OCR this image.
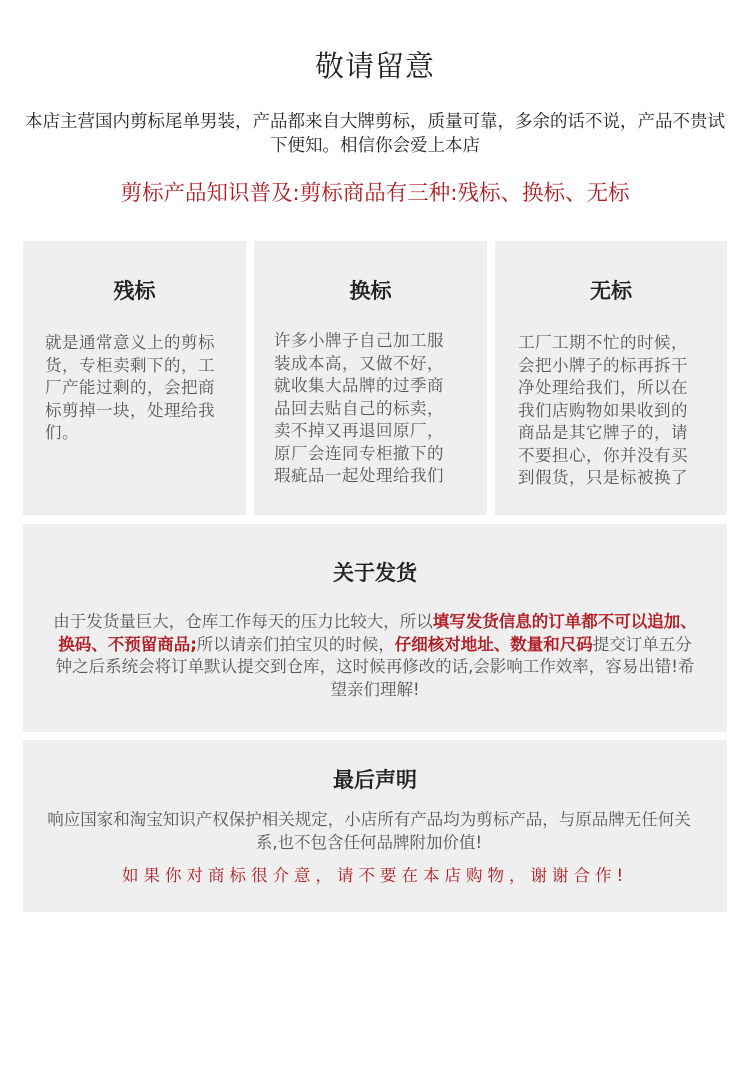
敬请留意
本店主营国内剪标尾单男装，产品都来自大牌剪标，质量可靠，多余的话不说，产品不贵试下便知。相信你会爱上本店
剪标产品知识普及:剪标商品有三种:残标、换标、无标
残标
就是通常意义上的剪标货，专柜卖剩下的，工厂产能过剩的，会把商标剪掉一块，处理给我们。
换标
许多小牌子自己加工服装成本高，又做不好，就收集大品牌的过季商品回去贴自己的标卖，卖不掉又再退回原厂，原厂会连同专柜撤下的瑕疵品一起处理给我们
无标
工厂工期不忙的时候，会把小牌子的标再拆干净处理给我们，所以在我们店购物如果收到的商品是其它牌子的，请不要担心，你并没有买到假货，只是标被换了
关于发货
由于发货量巨大，仓库工作每天的压力比较大，所以填写发货信息的订单都不可以追加、换码、不预留商品;所以请亲们拍宝贝的时候，仔细核对地址、数量和尺码提交订单五分钟之后系统会将订单默认提交到仓库，这时候再修改的话,会影响工作效率，容易出错!希望亲们理解!
最后声明
响应国家和淘宝知识产权保护相关规定，小店所有产品均为剪标产品，与原品牌无任何关系,也不包含任何品牌附加价值!
如果你对商标很介意，请不要在本店购物，谢谢合作!
